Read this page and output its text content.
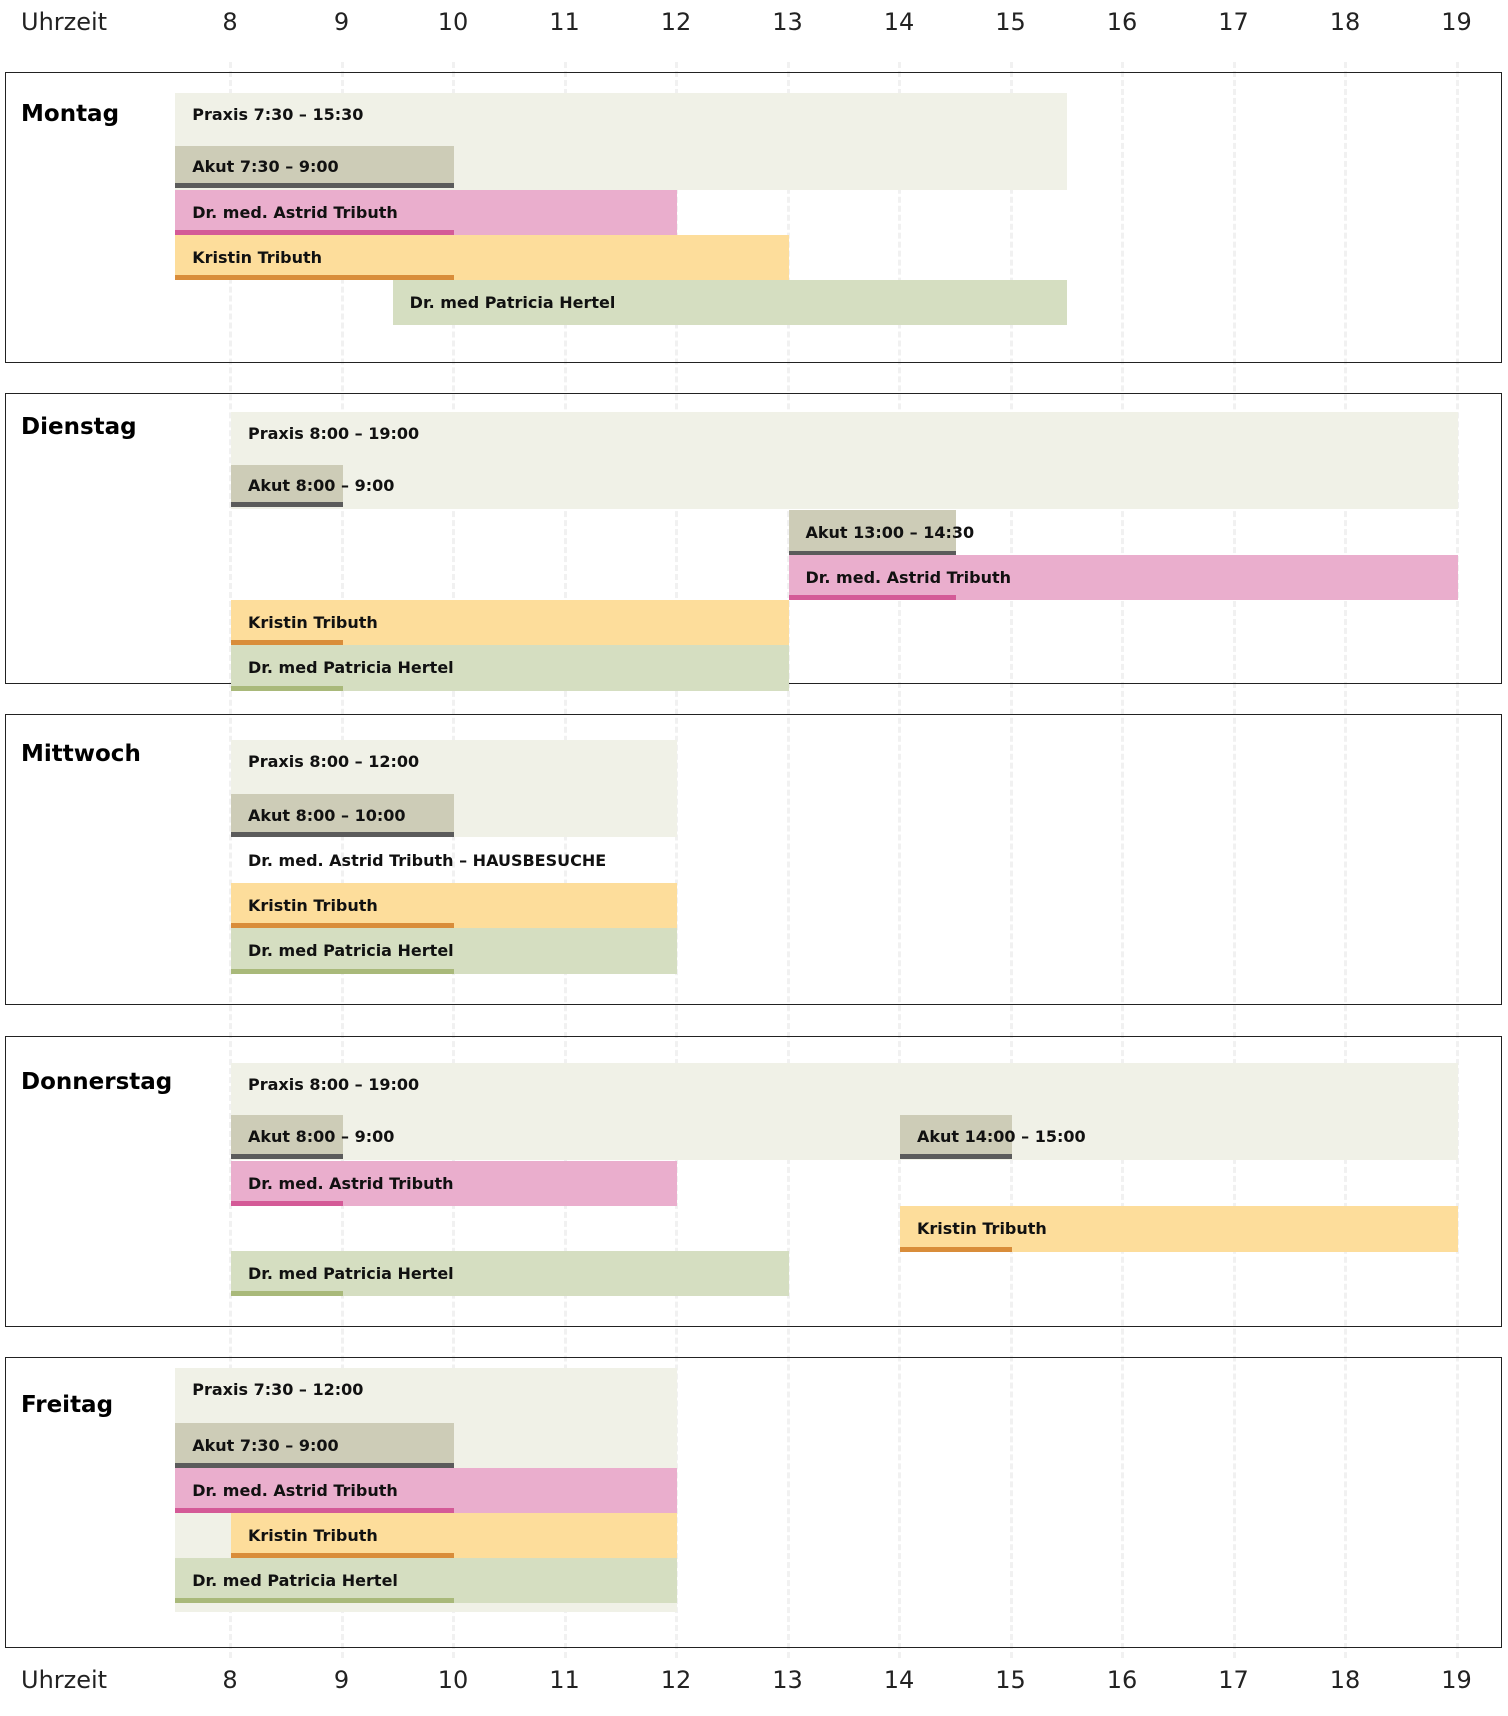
Uhrzeit	8	9	10	11	12	13	14	15	16	17	18	19
Montag	Praxis 7:30 – 15:30
Akut 7:30 – 9:00
Dr. med. Astrid Tributh
Kristin Tributh
Dr. med Patricia Hertel
Dienstag	Praxis 8:00 – 19:00
Akut 8:00 – 9:00
Akut 13:00 – 14:30
Dr. med. Astrid Tributh
Kristin Tributh
Dr. med Patricia Hertel
Mittwoch	Praxis 8:00 – 12:00
Akut 8:00 – 10:00
Dr. med. Astrid Tributh – HAUSBESUCHE
Kristin Tributh
Dr. med Patricia Hertel
Donnerstag	Praxis 8:00 – 19:00
Akut 8:00 – 9:00	Akut 14:00 – 15:00
Dr. med. Astrid Tributh
Kristin Tributh
Dr. med Patricia Hertel
Freitag
Praxis 7:30 – 12:00
Akut 7:30 – 9:00
Dr. med. Astrid Tributh
Kristin Tributh
Dr. med Patricia Hertel
Uhrzeit	8	9	10	11	12	13	14	15	16	17	18	19
